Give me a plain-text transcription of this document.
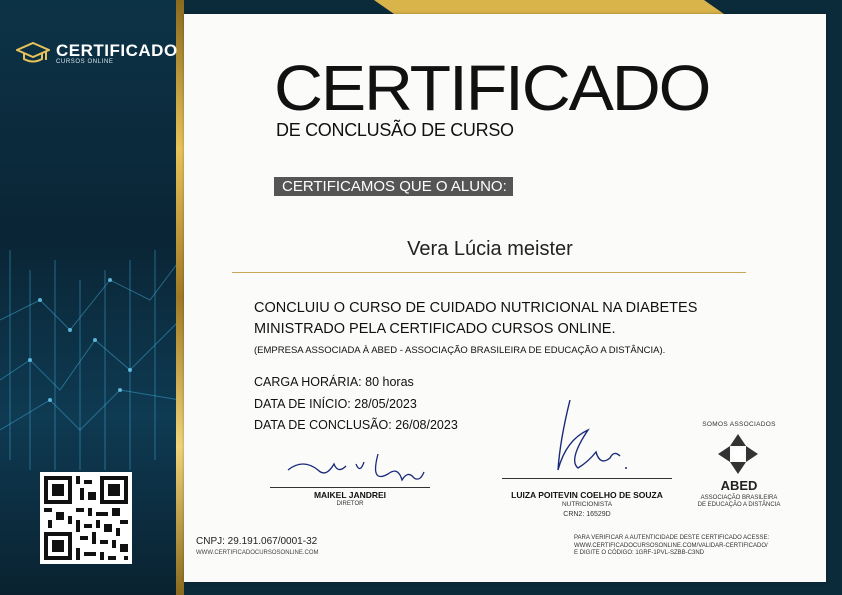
CERTIFICADO
CURSOS ONLINE	CERTIFICADO
DE CONCLUSÃO DE CURSO
CERTIFICAMOS QUE O ALUNO:
Vera Lúcia meister
CONCLUIU O CURSO DE CUIDADO NUTRICIONAL NA DIABETES
MINISTRADO PELA CERTIFICADO CURSOS ONLINE.
(EMPRESA ASSOCIADA À ABED - ASSOCIAÇÃO BRASILEIRA DE EDUCAÇÃO A DISTÂNCIA).
CARGA HORÁRIA: 80 horas
DATA DE INÍCIO: 28/05/2023
DATA DE CONCLUSÃO: 26/08/2023
MAIKEL JANDREI
DIRETOR
LUIZA POITEVIN COELHO DE SOUZA
NUTRICIONISTA
CRN2: 16529D
SOMOS ASSOCIADOS
ABED
ASSOCIAÇÃO BRASILEIRA
DE EDUCAÇÃO A DISTÂNCIA
CNPJ: 29.191.067/0001-32
WWW.CERTIFICADOCURSOSONLINE.COM
PARA VERIFICAR A AUTENTICIDADE DESTE CERTIFICADO ACESSE:
WWW.CERTIFICADOCURSOSONLINE.COM/VALIDAR-CERTIFICADO/
E DIGITE O CÓDIGO: 1GRF-1PVL-SZBB-C3ND
